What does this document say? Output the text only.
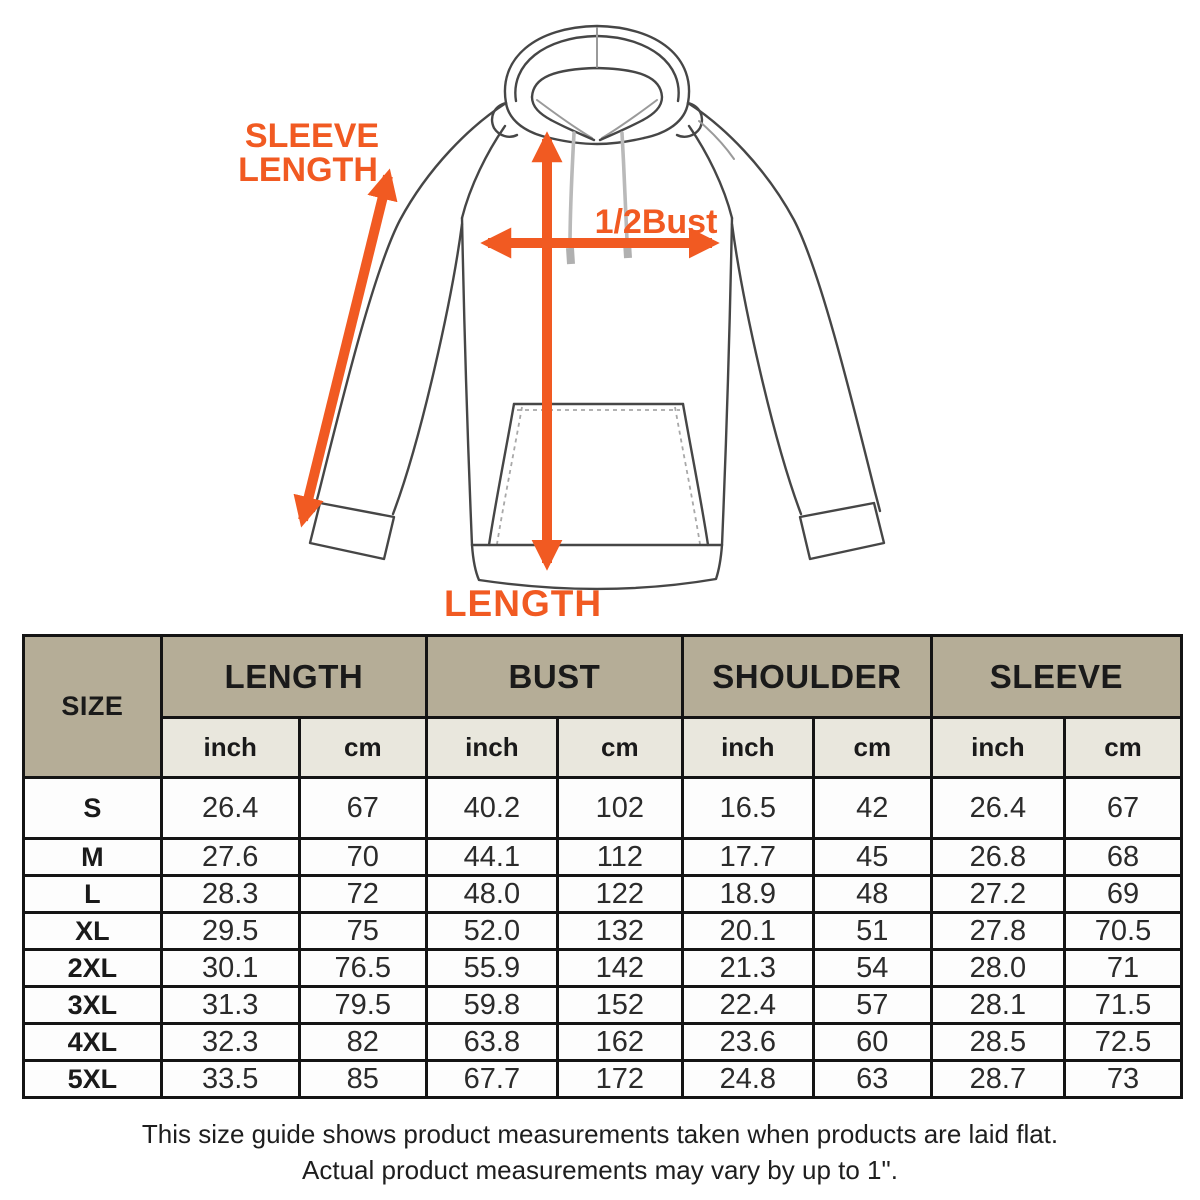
SLEEVE
LENGTH
1/2Bust
LENGTH
SIZE	LENGTH		BUST		SHOULDER		SLEEVE	
	inch	cm	inch	cm	inch	cm	inch	cm
S	26.4	67	40.2	102	16.5	42	26.4	67
M	27.6	70	44.1	112	17.7	45	26.8	68
L	28.3	72	48.0	122	18.9	48	27.2	69
XL	29.5	75	52.0	132	20.1	51	27.8	70.5
2XL	30.1	76.5	55.9	142	21.3	54	28.0	71
3XL	31.3	79.5	59.8	152	22.4	57	28.1	71.5
4XL	32.3	82	63.8	162	23.6	60	28.5	72.5
5XL	33.5	85	67.7	172	24.8	63	28.7	73
This size guide shows product measurements taken when products are laid flat.
Actual product measurements may vary by up to 1".
